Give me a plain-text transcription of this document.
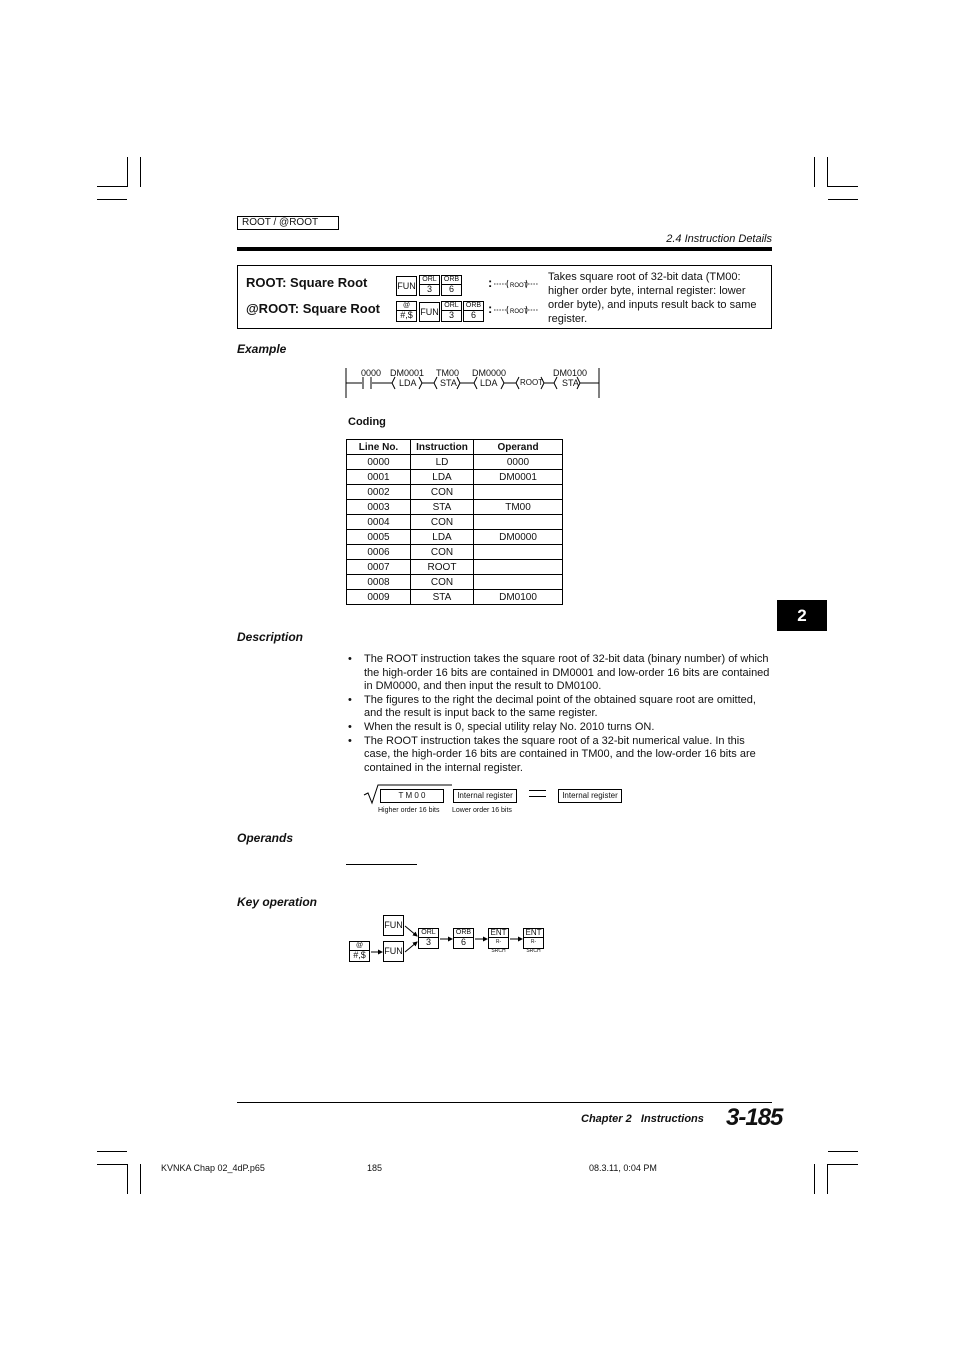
ROOT / @ROOT
2.4 Instruction Details
ROOT: Square Root
@ROOT: Square Root
FUN
ORL
3
ORB
6	:	ROOT
@
#,$ FUN
ORL
3
ORB
6 :	ROOT
Takes square root of 32-bit data (TM00: higher order byte, internal register: lower order byte), and inputs result back to same register.
Example
0000 DM0001
LDA
TM00
STA
DM0000
LDA	ROOT
DM0100
STA
Coding
Line No.	Instruction	Operand
0000	LD	0000
0001	LDA	DM0001
0002	CON	
0003	STA	TM00
0004	CON	
0005	LDA	DM0000
0006	CON	
0007	ROOT	
0008	CON	
0009	STA	DM0100
2
Description
• The ROOT instruction takes the square root of 32-bit data (binary number) of which the high-order 16 bits are contained in DM0001 and low-order 16 bits are contained in DM0000, and then input the result to DM0100.
• The figures to the right the decimal point of the obtained square root are omitted, and the result is input back to the same register.
• When the result is 0, special utility relay No. 2010 turns ON.
• The ROOT instruction takes the square root of a 32-bit numerical value. In this case, the high-order 16 bits are contained in TM00, and the low-order 16 bits are contained in the internal register.
T M 0 0	Internal register	Internal register
Higher order 16 bits Lower order 16 bits
Operands
Key operation
FUN
@
#,$	FUN
ORL
3
ORB
6
ENT
R-SRCH
ENT
R-SRCH
Chapter 2 Instructions 3-185
KVNKA Chap 02_4dP.p65	185	08.3.11, 0:04 PM
